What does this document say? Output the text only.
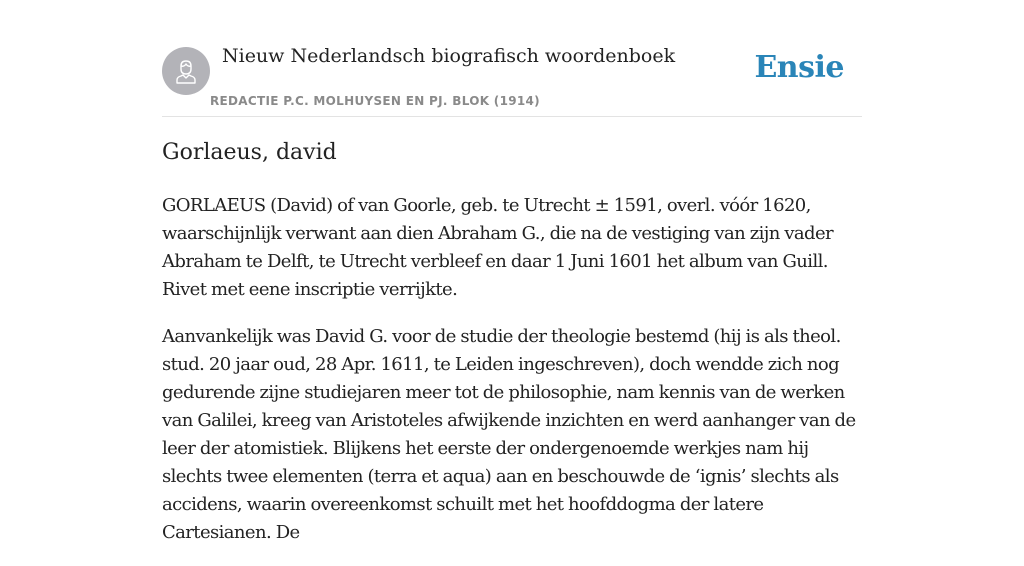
Nieuw Nederlandsch biografisch woordenboek
REDACTIE P.C. MOLHUYSEN EN PJ. BLOK (1914)
Ensie
Gorlaeus, david

GORLAEUS (David) of van Goorle, geb. te Utrecht ± 1591, overl. vóór 1620, waarschijnlijk verwant aan dien Abraham G., die na de vestiging van zijn vader Abraham te Delft, te Utrecht verbleef en daar 1 Juni 1601 het album van Guill. Rivet met eene inscriptie verrijkte.

Aanvankelijk was David G. voor de studie der theologie bestemd (hij is als theol. stud. 20 jaar oud, 28 Apr. 1611, te Leiden ingeschreven), doch wendde zich nog gedurende zijne studiejaren meer tot de philosophie, nam kennis van de werken van Galilei, kreeg van Aristoteles afwijkende inzichten en werd aanhanger van de leer der atomistiek. Blijkens het eerste der ondergenoemde werkjes nam hij slechts twee elementen (terra et aqua) aan en beschouwde de ‘ignis’ slechts als accidens, waarin overeenkomst schuilt met het hoofddogma der latere Cartesianen. De
